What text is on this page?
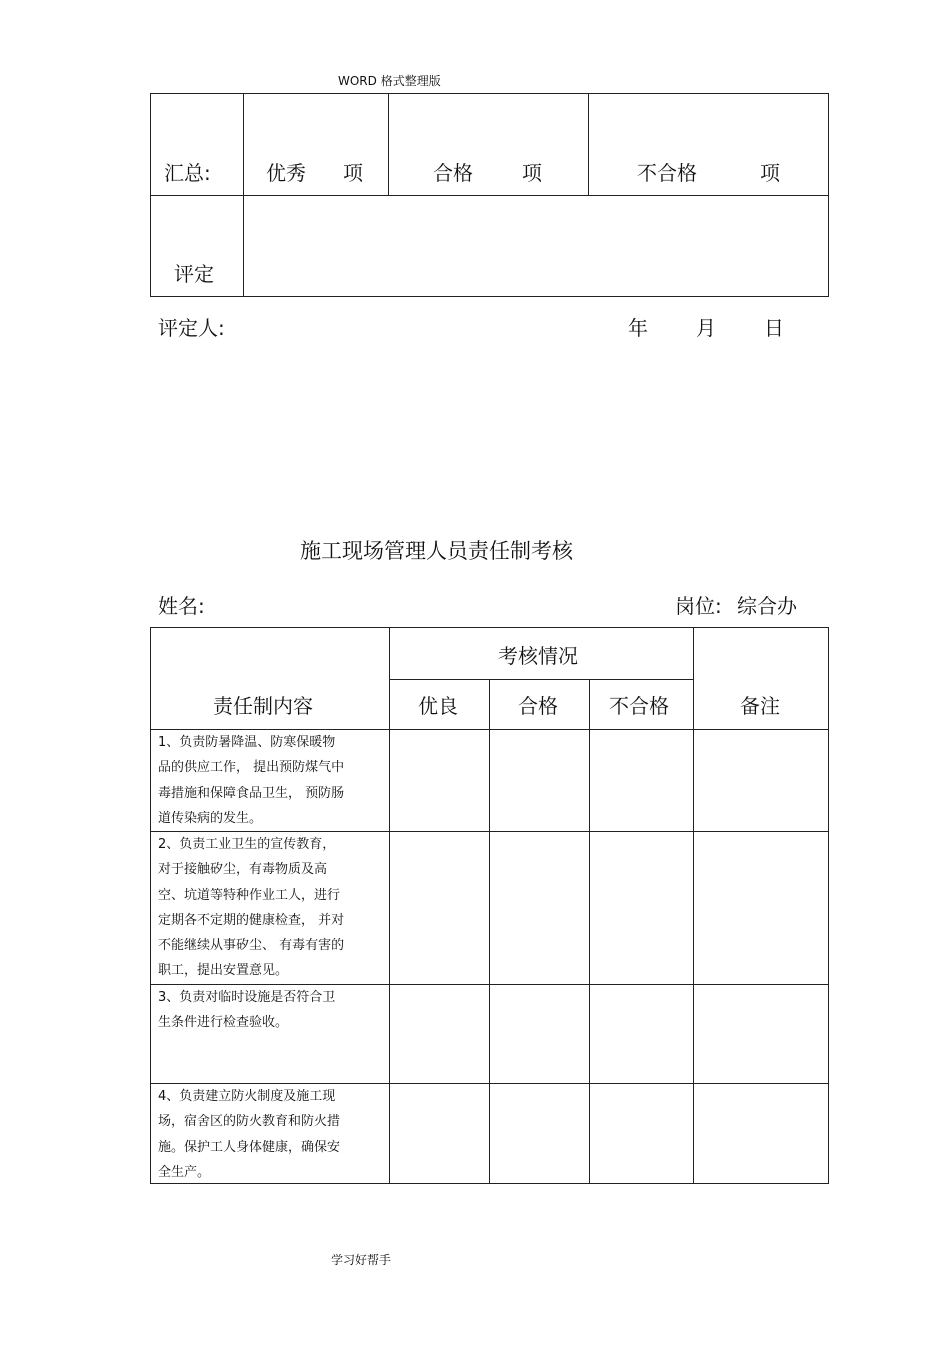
WORD 格式整理版
汇总:	优秀 项	合格 项	不合格	项
评定
评定人:	年 月 日
施工现场管理人员责任制考核
姓名:	岗位: 综合办
责任制内容
考核情况
优良	合格	不合格	备注
1、负责防暑降温、防寒保暖物
品的供应工作， 提出预防煤气中
毒措施和保障食品卫生， 预防肠
道传染病的发生。
2、负责工业卫生的宣传教育，
对于接触矽尘，有毒物质及高
空、坑道等特种作业工人，进行
定期各不定期的健康检查， 并对
不能继续从事矽尘、 有毒有害的
职工，提出安置意见。
3、负责对临时设施是否符合卫
生条件进行检查验收。
4、负责建立防火制度及施工现
场，宿舍区的防火教育和防火措
施。保护工人身体健康，确保安
全生产。
学习好帮手
